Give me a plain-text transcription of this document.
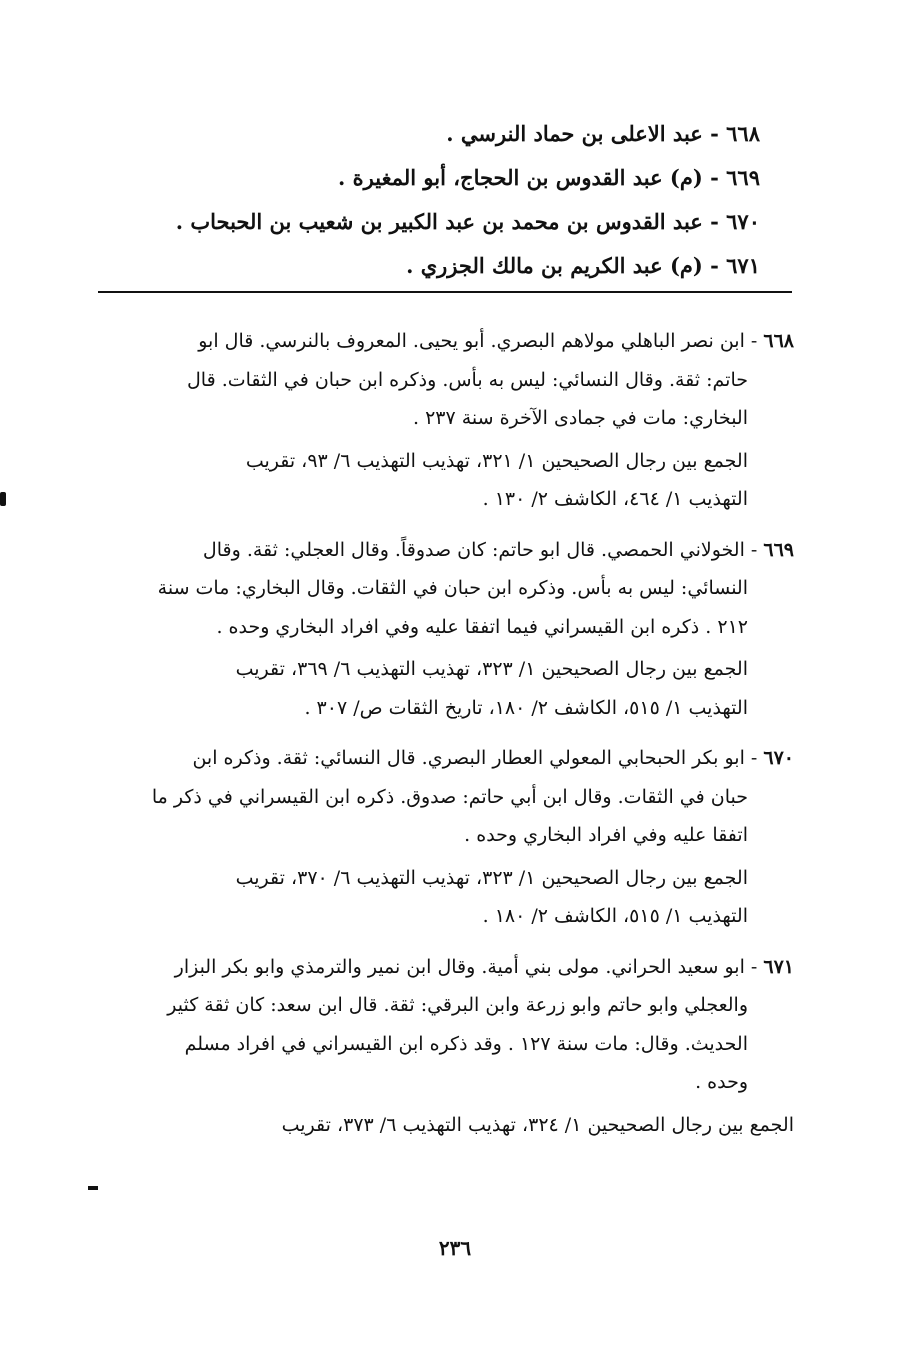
٦٦٨ - عبد الاعلى بن حماد النرسي .
٦٦٩ - (م) عبد القدوس بن الحجاج، أبو المغيرة .
٦٧٠ - عبد القدوس بن محمد بن عبد الكبير بن شعيب بن الحبحاب .
٦٧١ - (م) عبد الكريم بن مالك الجزري .

٦٦٨ - ابن نصر الباهلي مولاهم البصري. أبو يحيى. المعروف بالنرسي. قال ابو

حاتم: ثقة. وقال النسائي: ليس به بأس. وذكره ابن حبان في الثقات. قال

البخاري: مات في جمادى الآخرة سنة ٢٣٧ .

الجمع بين رجال الصحيحين ١/ ٣٢١، تهذيب التهذيب ٦/ ٩٣، تقريب

التهذيب ١/ ٤٦٤، الكاشف ٢/ ١٣٠ .

٦٦٩ - الخولاني الحمصي. قال ابو حاتم: كان صدوقاً. وقال العجلي: ثقة. وقال

النسائي: ليس به بأس. وذكره ابن حبان في الثقات. وقال البخاري: مات سنة

٢١٢ . ذكره ابن القيسراني فيما اتفقا عليه وفي افراد البخاري وحده .

الجمع بين رجال الصحيحين ١/ ٣٢٣، تهذيب التهذيب ٦/ ٣٦٩، تقريب

التهذيب ١/ ٥١٥، الكاشف ٢/ ١٨٠، تاريخ الثقات ص/ ٣٠٧ .

٦٧٠ - ابو بكر الحبحابي المعولي العطار البصري. قال النسائي: ثقة. وذكره ابن

حبان في الثقات. وقال ابن أبي حاتم: صدوق. ذكره ابن القيسراني في ذكر ما

اتفقا عليه وفي افراد البخاري وحده .

الجمع بين رجال الصحيحين ١/ ٣٢٣، تهذيب التهذيب ٦/ ٣٧٠، تقريب

التهذيب ١/ ٥١٥، الكاشف ٢/ ١٨٠ .

٦٧١ - ابو سعيد الحراني. مولى بني أمية. وقال ابن نمير والترمذي وابو بكر البزار

والعجلي وابو حاتم وابو زرعة وابن البرقي: ثقة. قال ابن سعد: كان ثقة كثير

الحديث. وقال: مات سنة ١٢٧ . وقد ذكره ابن القيسراني في افراد مسلم

وحده .

الجمع بين رجال الصحيحين ١/ ٣٢٤، تهذيب التهذيب ٦/ ٣٧٣، تقريب

٢٣٦
